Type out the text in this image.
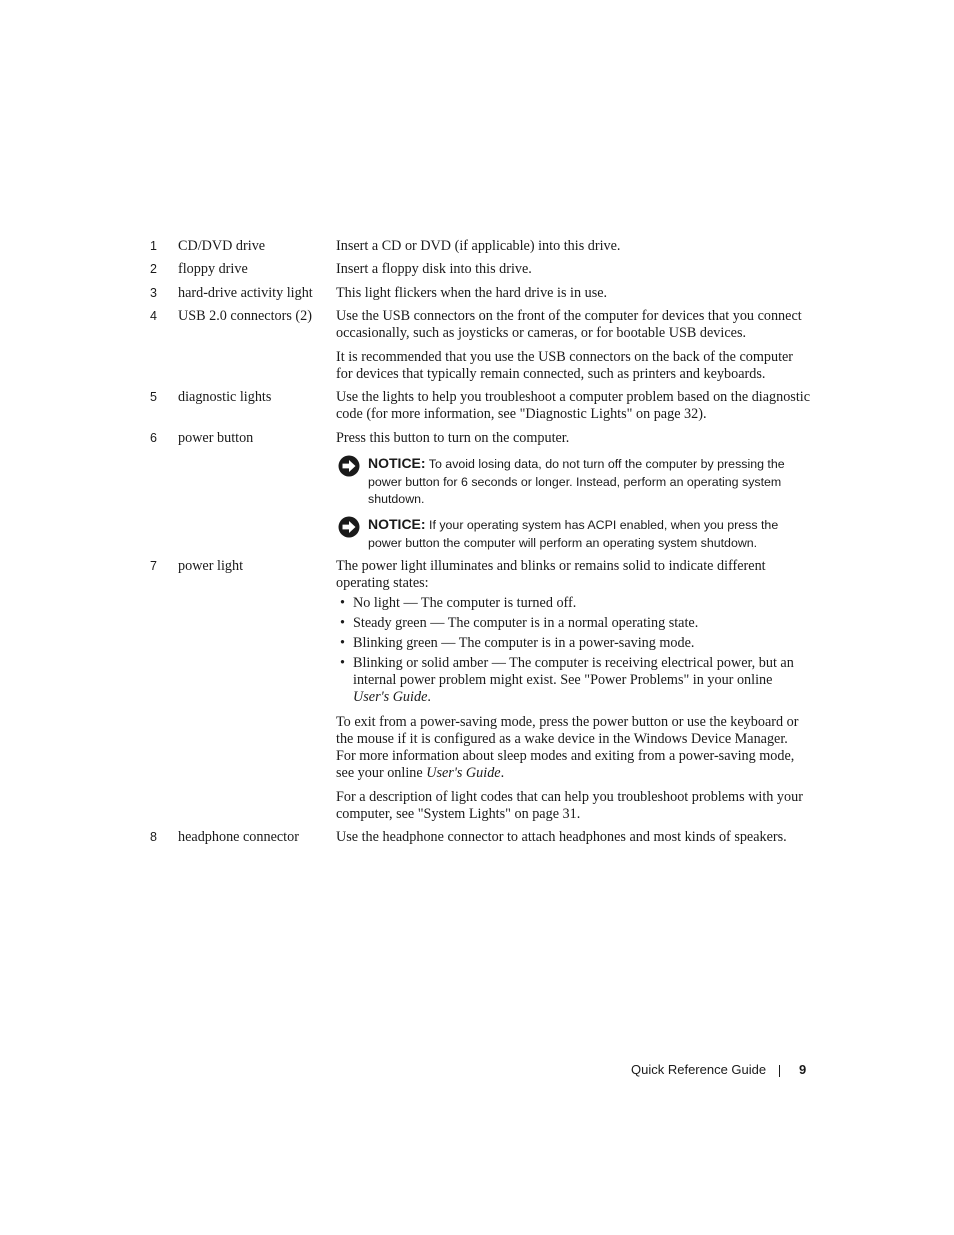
1 CD/DVD drive	Insert a CD or DVD (if applicable) into this drive.

2 floppy drive	Insert a floppy disk into this drive.

3 hard-drive activity light	This light flickers when the hard drive is in use.

4 USB 2.0 connectors (2)	Use the USB connectors on the front of the computer for devices that you connect occasionally, such as joysticks or cameras, or for bootable USB devices.

It is recommended that you use the USB connectors on the back of the computer for devices that typically remain connected, such as printers and keyboards.

5 diagnostic lights	Use the lights to help you troubleshoot a computer problem based on the diagnostic code (for more information, see "Diagnostic Lights" on page 32).

6 power button	Press this button to turn on the computer.

NOTICE: To avoid losing data, do not turn off the computer by pressing the power button for 6 seconds or longer. Instead, perform an operating system shutdown.
NOTICE: If your operating system has ACPI enabled, when you press the power button the computer will perform an operating system shutdown.
7 power light	The power light illuminates and blinks or remains solid to indicate different operating states:

• No light — The computer is turned off.
• Steady green — The computer is in a normal operating state.
• Blinking green — The computer is in a power-saving mode.
• Blinking or solid amber — The computer is receiving electrical power, but an internal power problem might exist. See "Power Problems" in your online User's Guide.

To exit from a power-saving mode, press the power button or use the keyboard or the mouse if it is configured as a wake device in the Windows Device Manager. For more information about sleep modes and exiting from a power-saving mode, see your online User's Guide.

For a description of light codes that can help you troubleshoot problems with your computer, see "System Lights" on page 31.

8 headphone connector	Use the headphone connector to attach headphones and most kinds of speakers.

Quick Reference Guide	9
